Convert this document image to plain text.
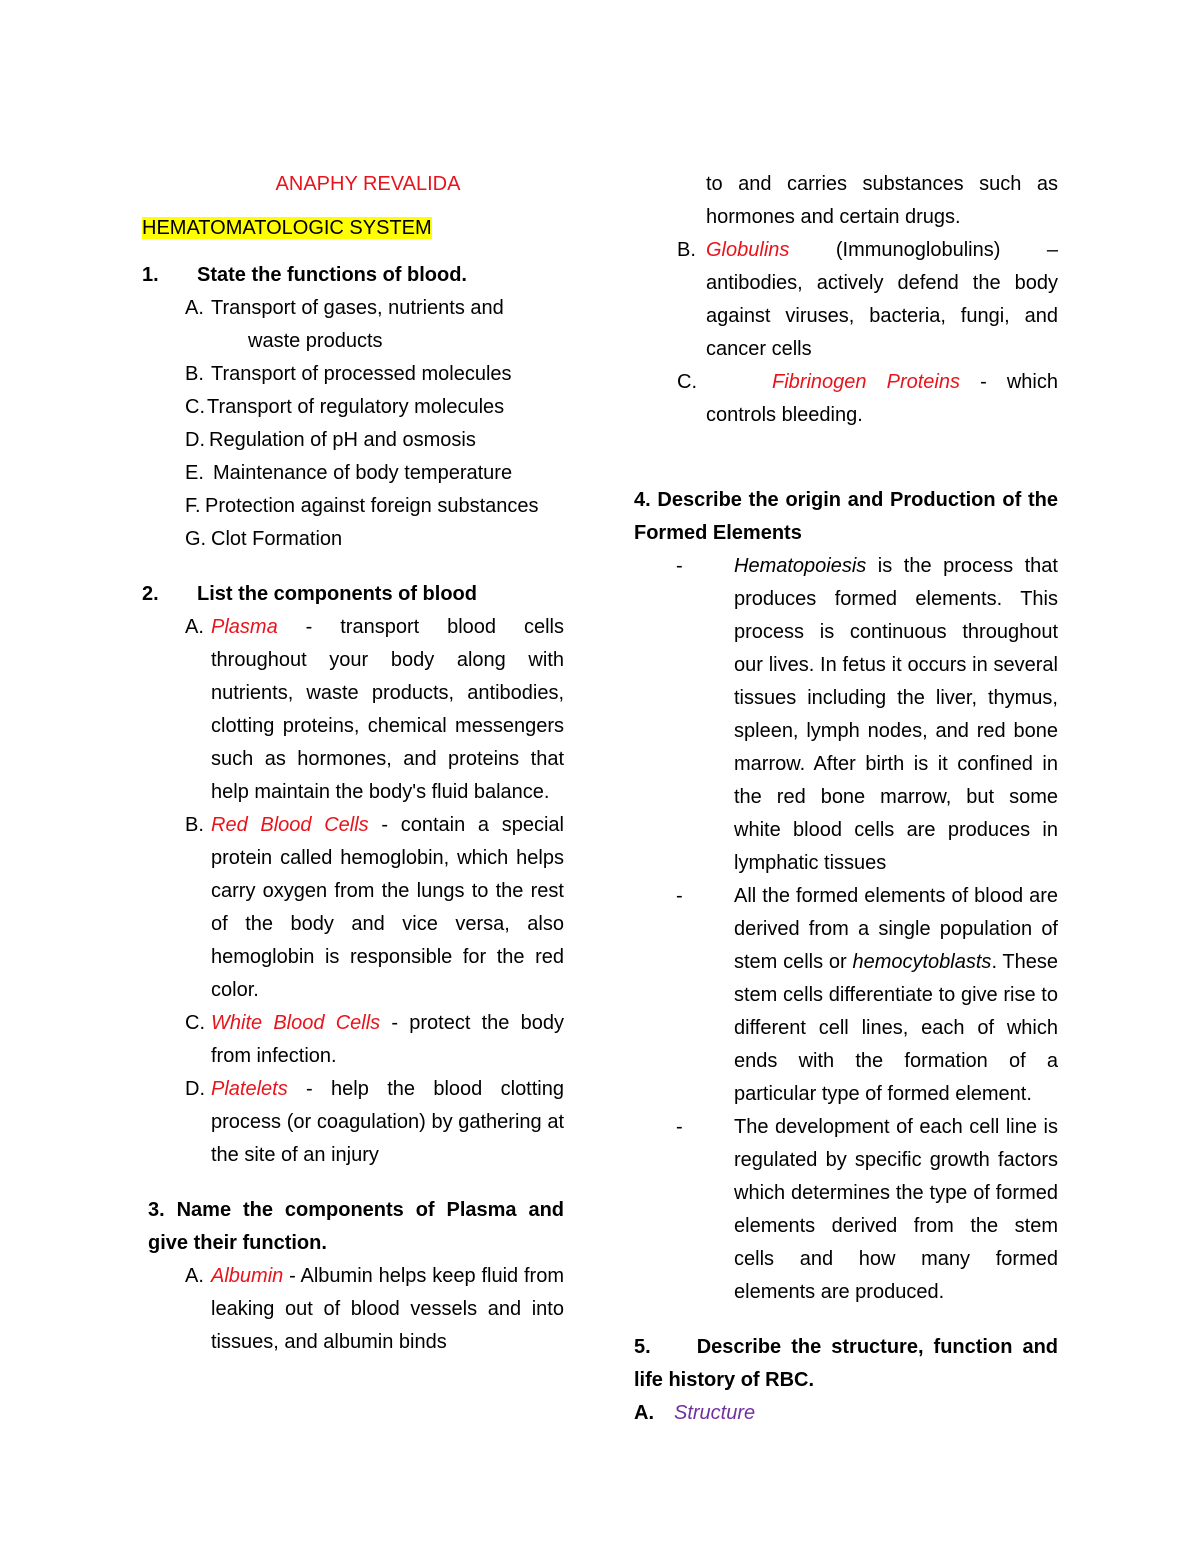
ANAPHY REVALIDA
HEMATOMATOLOGIC SYSTEM
1.	State the functions of blood.
A. Transport of gases, nutrients and
waste products
B. Transport of processed molecules
C. Transport of regulatory molecules
D. Regulation of pH and osmosis
E. Maintenance of body temperature
F. Protection against foreign substances
G. Clot Formation
2.	List the components of blood
A. Plasma - transport blood cells throughout your body along with nutrients, waste products, antibodies, clotting proteins, chemical messengers such as hormones, and proteins that help maintain the body's fluid balance.
B. Red Blood Cells - contain a special protein called hemoglobin, which helps carry oxygen from the lungs to the rest of the body and vice versa, also hemoglobin is responsible for the red color.
C. White Blood Cells - protect the body from infection.
D. Platelets - help the blood clotting process (or coagulation) by gathering at the site of an injury
3. Name the components of Plasma and give their function.
A. Albumin - Albumin helps keep fluid from leaking out of blood vessels and into tissues, and albumin binds
to and carries substances such as hormones and certain drugs.
B. Globulins (Immunoglobulins) – antibodies, actively defend the body against viruses, bacteria, fungi, and cancer cells
C.	Fibrinogen Proteins - which controls bleeding.
4. Describe the origin and Production of the Formed Elements
-	Hematopoiesis is the process that produces formed elements. This process is continuous throughout our lives. In fetus it occurs in several tissues including the liver, thymus, spleen, lymph nodes, and red bone marrow. After birth is it confined in the red bone marrow, but some white blood cells are produces in lymphatic tissues
-	All the formed elements of blood are derived from a single population of stem cells or hemocytoblasts. These stem cells differentiate to give rise to different cell lines, each of which ends with the formation of a particular type of formed element.
-	The development of each cell line is regulated by specific growth factors which determines the type of formed elements derived from the stem cells and how many formed elements are produced.
5. Describe the structure, function and life history of RBC.
A.	Structure
